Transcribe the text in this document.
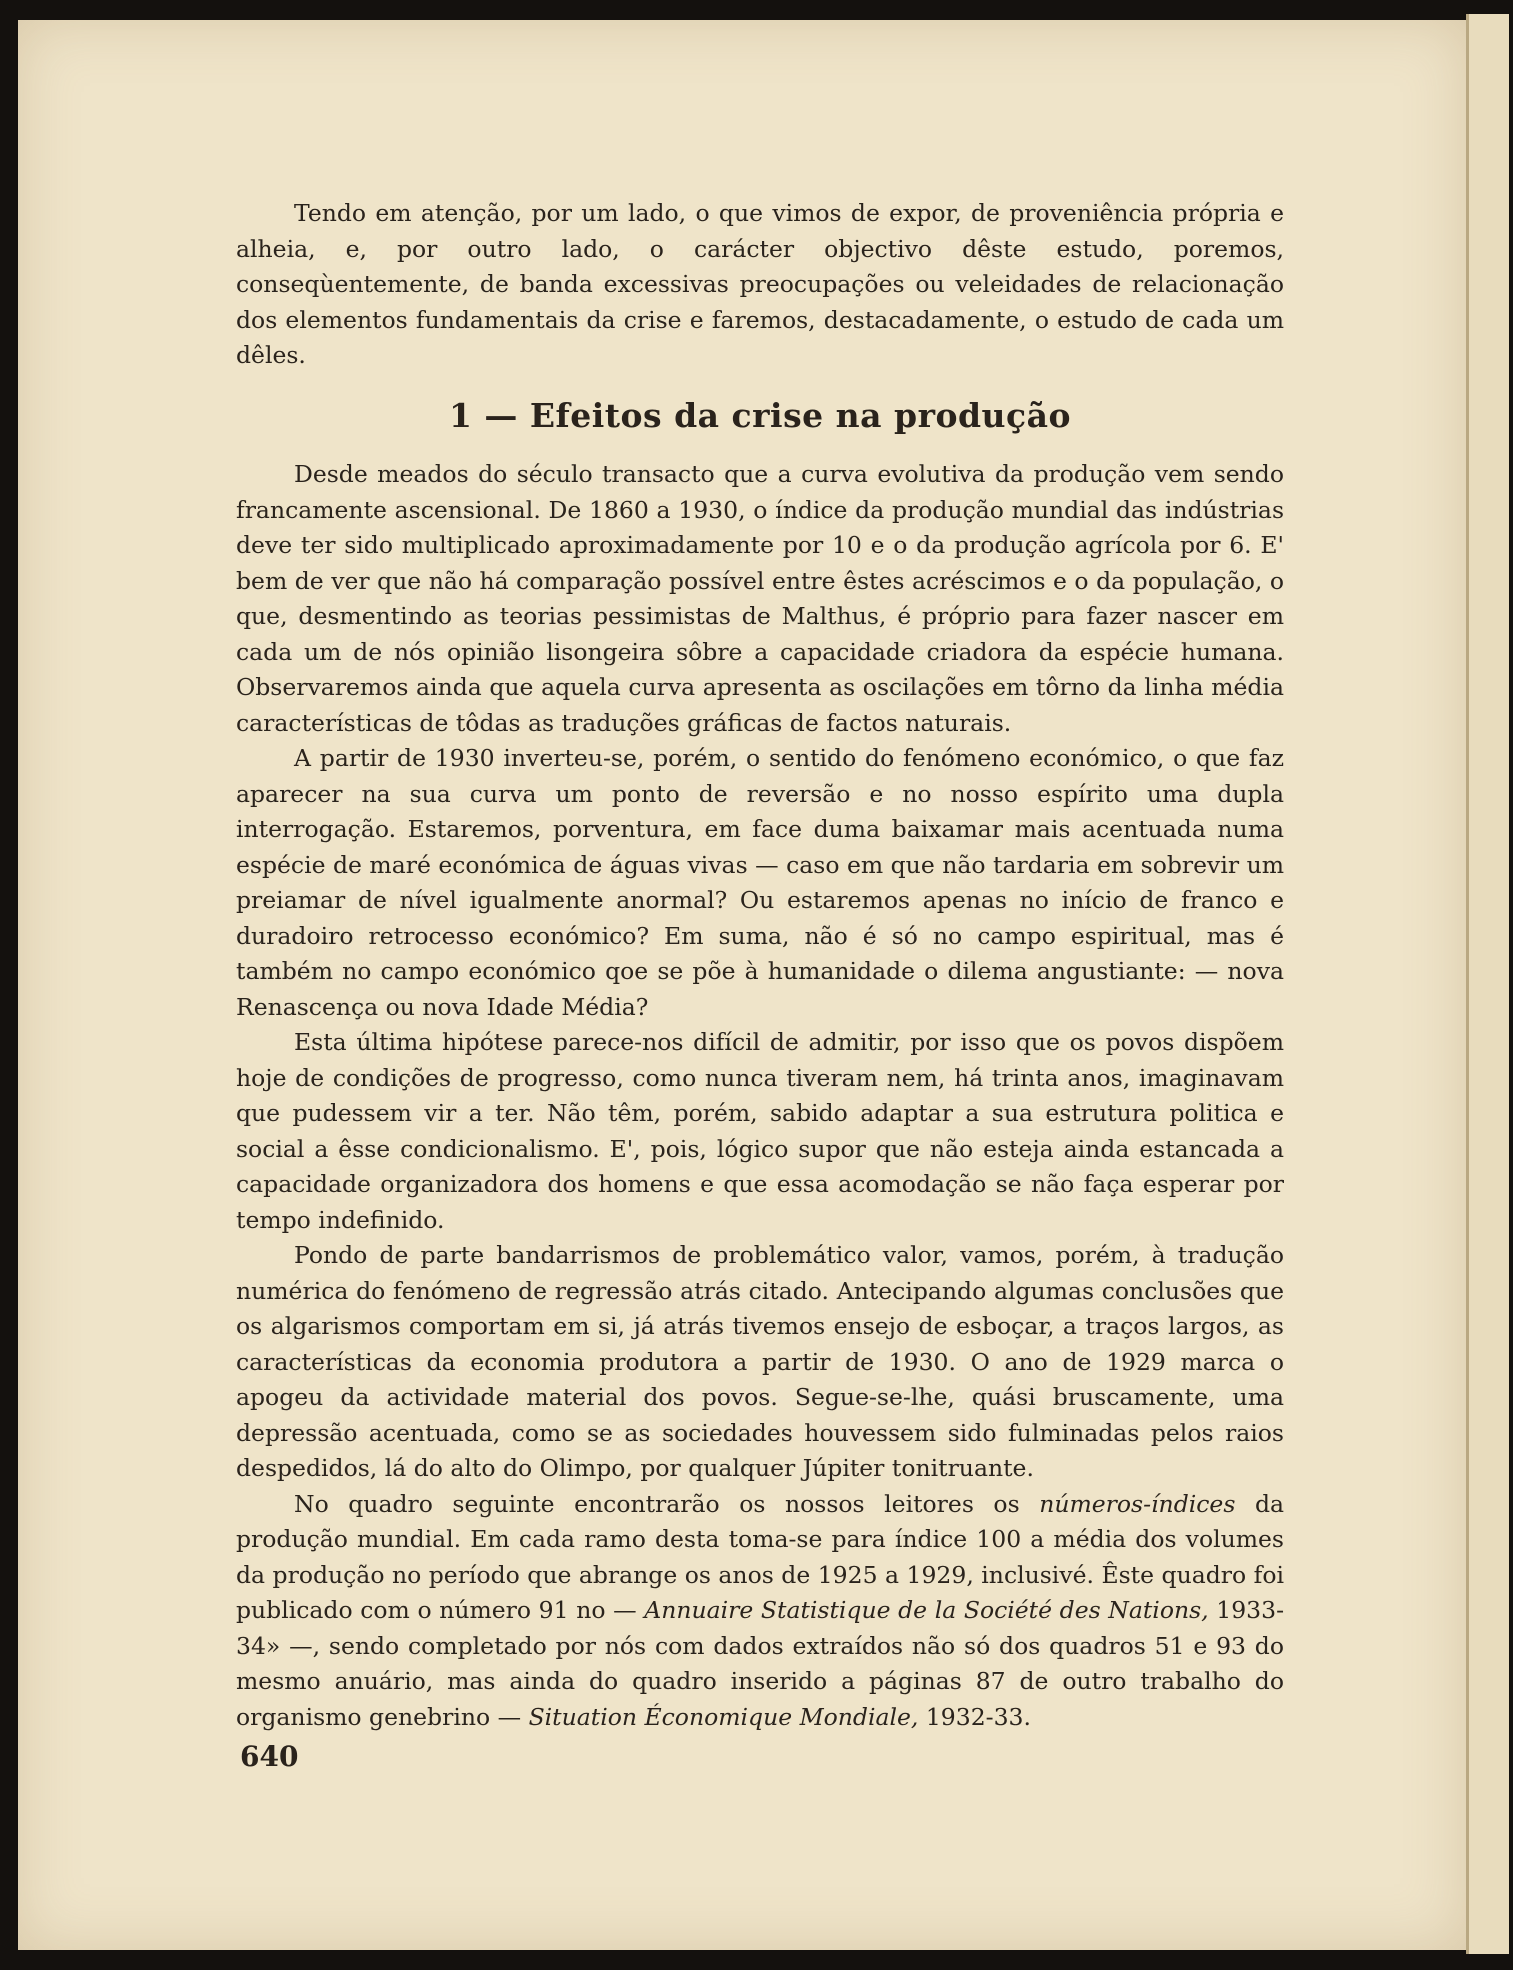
Tendo em atenção, por um lado, o que vimos de expor, de proveniência própria e alheia, e, por outro lado, o carácter objectivo dêste estudo, poremos, conseqùentemente, de banda excessivas preocupações ou veleidades de relacionação dos elementos fundamentais da crise e faremos, destacadamente, o estudo de cada um dêles.

1 — Efeitos da crise na produção

Desde meados do século transacto que a curva evolutiva da produção vem sendo francamente ascensional. De 1860 a 1930, o índice da produção mundial das indústrias deve ter sido multiplicado aproximadamente por 10 e o da produção agrícola por 6. E' bem de ver que não há comparação possível entre êstes acréscimos e o da população, o que, desmentindo as teorias pessimistas de Malthus, é próprio para fazer nascer em cada um de nós opinião lisongeira sôbre a capacidade criadora da espécie humana. Observaremos ainda que aquela curva apresenta as oscilações em tôrno da linha média características de tôdas as traduções gráficas de factos naturais.

A partir de 1930 inverteu-se, porém, o sentido do fenómeno económico, o que faz aparecer na sua curva um ponto de reversão e no nosso espírito uma dupla interrogação. Estaremos, porventura, em face duma baixamar mais acentuada numa espécie de maré económica de águas vivas — caso em que não tardaria em sobrevir um preiamar de nível igualmente anormal? Ou estaremos apenas no início de franco e duradoiro retrocesso económico? Em suma, não é só no campo espiritual, mas é também no campo económico qoe se põe à humanidade o dilema angustiante: — nova Renascença ou nova Idade Média?

Esta última hipótese parece-nos difícil de admitir, por isso que os povos dispõem hoje de condições de progresso, como nunca tiveram nem, há trinta anos, imaginavam que pudessem vir a ter. Não têm, porém, sabido adaptar a sua estrutura politica e social a êsse condicionalismo. E', pois, lógico supor que não esteja ainda estancada a capacidade organizadora dos homens e que essa acomodação se não faça esperar por tempo indefinido.

Pondo de parte bandarrismos de problemático valor, vamos, porém, à tradução numérica do fenómeno de regressão atrás citado. Antecipando algumas conclusões que os algarismos comportam em si, já atrás tivemos ensejo de esboçar, a traços largos, as características da economia produtora a partir de 1930. O ano de 1929 marca o apogeu da actividade material dos povos. Segue-se-lhe, quási bruscamente, uma depressão acentuada, como se as sociedades houvessem sido fulminadas pelos raios despedidos, lá do alto do Olimpo, por qualquer Júpiter tonitruante.

No quadro seguinte encontrarão os nossos leitores os números-índices da produção mundial. Em cada ramo desta toma-se para índice 100 a média dos volumes da produção no período que abrange os anos de 1925 a 1929, inclusivé. Êste quadro foi publicado com o número 91 no — Annuaire Statistique de la Société des Nations, 1933-34» —, sendo completado por nós com dados extraídos não só dos quadros 51 e 93 do mesmo anuário, mas ainda do quadro inserido a páginas 87 de outro trabalho do organismo genebrino — Situation Économique Mondiale, 1932-33.

640
